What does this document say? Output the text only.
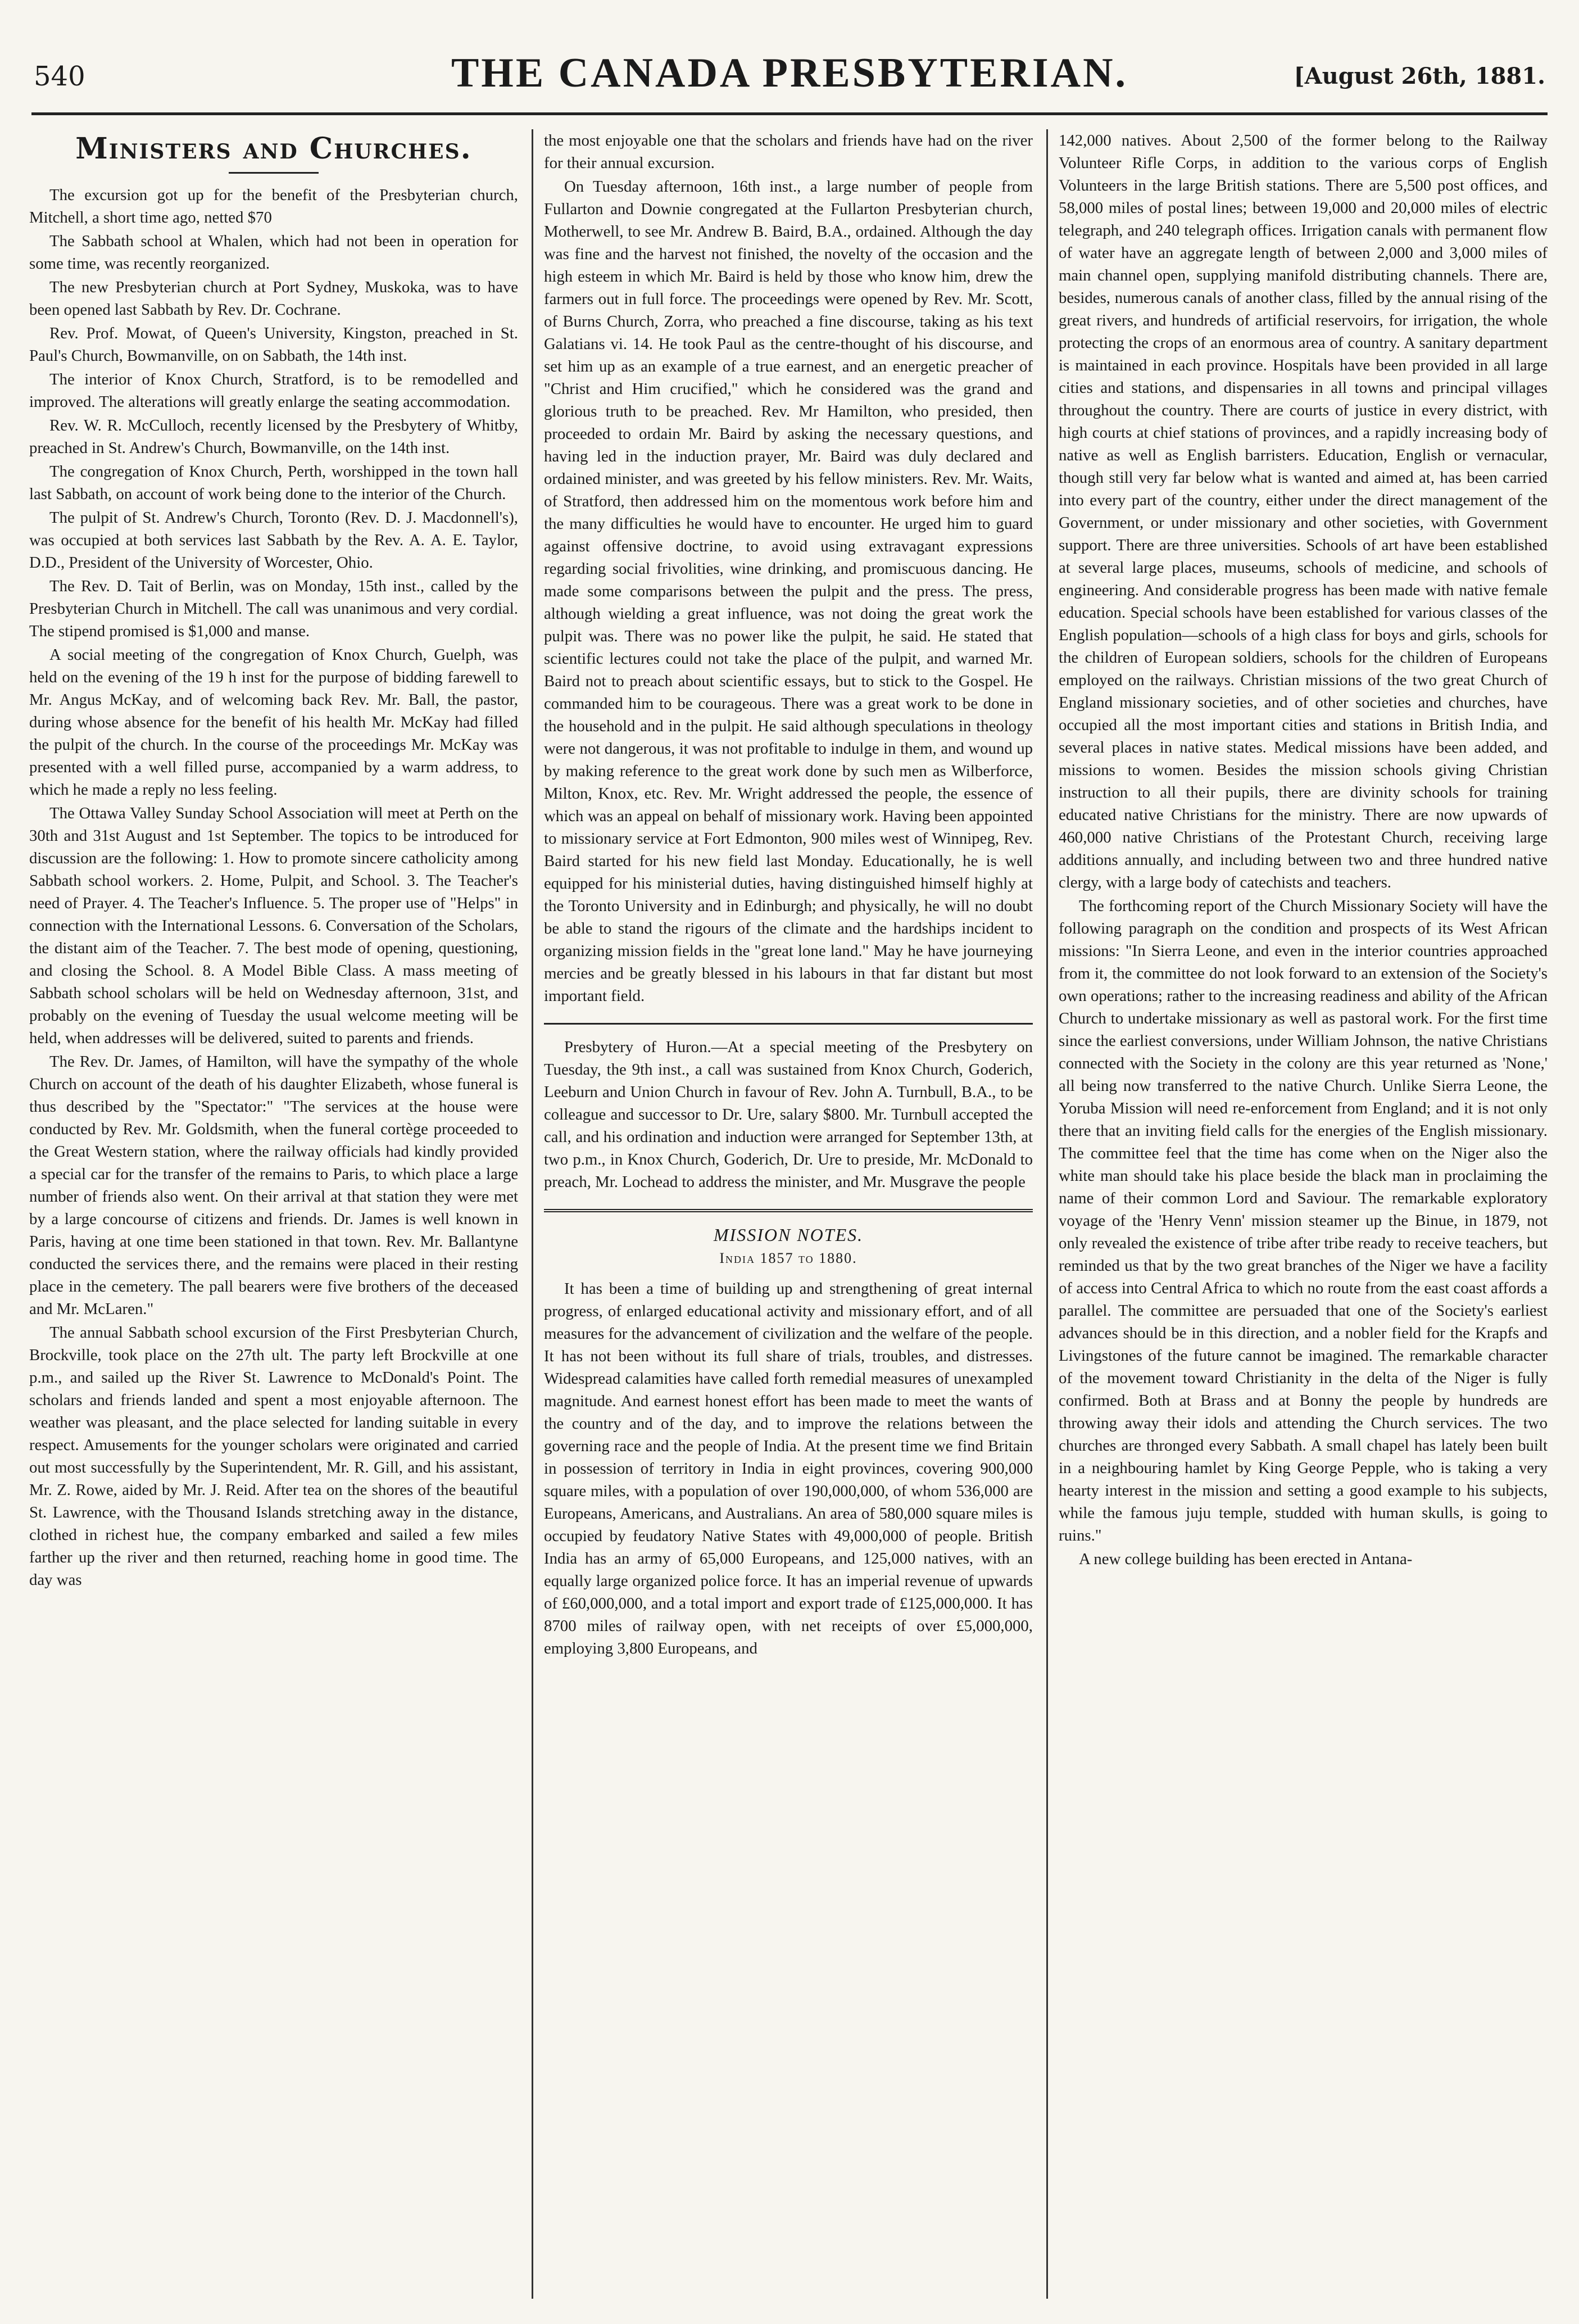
540	THE CANADA PRESBYTERIAN.	[August 26th, 1881.
Ministers and Churches.

The excursion got up for the benefit of the Presbyterian church, Mitchell, a short time ago, netted $70

The Sabbath school at Whalen, which had not been in operation for some time, was recently reorganized.

The new Presbyterian church at Port Sydney, Muskoka, was to have been opened last Sabbath by Rev. Dr. Cochrane.

Rev. Prof. Mowat, of Queen's University, Kingston, preached in St. Paul's Church, Bowmanville, on on Sabbath, the 14th inst.

The interior of Knox Church, Stratford, is to be remodelled and improved. The alterations will greatly enlarge the seating accommodation.

Rev. W. R. McCulloch, recently licensed by the Presbytery of Whitby, preached in St. Andrew's Church, Bowmanville, on the 14th inst.

The congregation of Knox Church, Perth, worshipped in the town hall last Sabbath, on account of work being done to the interior of the Church.

The pulpit of St. Andrew's Church, Toronto (Rev. D. J. Macdonnell's), was occupied at both services last Sabbath by the Rev. A. A. E. Taylor, D.D., President of the University of Worcester, Ohio.

The Rev. D. Tait of Berlin, was on Monday, 15th inst., called by the Presbyterian Church in Mitchell. The call was unanimous and very cordial. The stipend promised is $1,000 and manse.

A social meeting of the congregation of Knox Church, Guelph, was held on the evening of the 19 h inst for the purpose of bidding farewell to Mr. Angus McKay, and of welcoming back Rev. Mr. Ball, the pastor, during whose absence for the benefit of his health Mr. McKay had filled the pulpit of the church. In the course of the proceedings Mr. McKay was presented with a well filled purse, accompanied by a warm address, to which he made a reply no less feeling.

The Ottawa Valley Sunday School Association will meet at Perth on the 30th and 31st August and 1st September. The topics to be introduced for discussion are the following: 1. How to promote sincere catholicity among Sabbath school workers. 2. Home, Pulpit, and School. 3. The Teacher's need of Prayer. 4. The Teacher's Influence. 5. The proper use of "Helps" in connection with the International Lessons. 6. Conversation of the Scholars, the distant aim of the Teacher. 7. The best mode of opening, questioning, and closing the School. 8. A Model Bible Class. A mass meeting of Sabbath school scholars will be held on Wednesday afternoon, 31st, and probably on the evening of Tuesday the usual welcome meeting will be held, when addresses will be delivered, suited to parents and friends.

The Rev. Dr. James, of Hamilton, will have the sympathy of the whole Church on account of the death of his daughter Elizabeth, whose funeral is thus described by the "Spectator:" "The services at the house were conducted by Rev. Mr. Goldsmith, when the funeral cortège proceeded to the Great Western station, where the railway officials had kindly provided a special car for the transfer of the remains to Paris, to which place a large number of friends also went. On their arrival at that station they were met by a large concourse of citizens and friends. Dr. James is well known in Paris, having at one time been stationed in that town. Rev. Mr. Ballantyne conducted the services there, and the remains were placed in their resting place in the cemetery. The pall bearers were five brothers of the deceased and Mr. McLaren."

The annual Sabbath school excursion of the First Presbyterian Church, Brockville, took place on the 27th ult. The party left Brockville at one p.m., and sailed up the River St. Lawrence to McDonald's Point. The scholars and friends landed and spent a most enjoyable afternoon. The weather was pleasant, and the place selected for landing suitable in every respect. Amusements for the younger scholars were originated and carried out most successfully by the Superintendent, Mr. R. Gill, and his assistant, Mr. Z. Rowe, aided by Mr. J. Reid. After tea on the shores of the beautiful St. Lawrence, with the Thousand Islands stretching away in the distance, clothed in richest hue, the company embarked and sailed a few miles farther up the river and then returned, reaching home in good time. The day was

the most enjoyable one that the scholars and friends have had on the river for their annual excursion.

On Tuesday afternoon, 16th inst., a large number of people from Fullarton and Downie congregated at the Fullarton Presbyterian church, Motherwell, to see Mr. Andrew B. Baird, B.A., ordained. Although the day was fine and the harvest not finished, the novelty of the occasion and the high esteem in which Mr. Baird is held by those who know him, drew the farmers out in full force. The proceedings were opened by Rev. Mr. Scott, of Burns Church, Zorra, who preached a fine discourse, taking as his text Galatians vi. 14. He took Paul as the centre-thought of his discourse, and set him up as an example of a true earnest, and an energetic preacher of "Christ and Him crucified," which he considered was the grand and glorious truth to be preached. Rev. Mr Hamilton, who presided, then proceeded to ordain Mr. Baird by asking the necessary questions, and having led in the induction prayer, Mr. Baird was duly declared and ordained minister, and was greeted by his fellow ministers. Rev. Mr. Waits, of Stratford, then addressed him on the momentous work before him and the many difficulties he would have to encounter. He urged him to guard against offensive doctrine, to avoid using extravagant expressions regarding social frivolities, wine drinking, and promiscuous dancing. He made some comparisons between the pulpit and the press. The press, although wielding a great influence, was not doing the great work the pulpit was. There was no power like the pulpit, he said. He stated that scientific lectures could not take the place of the pulpit, and warned Mr. Baird not to preach about scientific essays, but to stick to the Gospel. He commanded him to be courageous. There was a great work to be done in the household and in the pulpit. He said although speculations in theology were not dangerous, it was not profitable to indulge in them, and wound up by making reference to the great work done by such men as Wilberforce, Milton, Knox, etc. Rev. Mr. Wright addressed the people, the essence of which was an appeal on behalf of missionary work. Having been appointed to missionary service at Fort Edmonton, 900 miles west of Winnipeg, Rev. Baird started for his new field last Monday. Educationally, he is well equipped for his ministerial duties, having distinguished himself highly at the Toronto University and in Edinburgh; and physically, he will no doubt be able to stand the rigours of the climate and the hardships incident to organizing mission fields in the "great lone land." May he have journeying mercies and be greatly blessed in his labours in that far distant but most important field.

Presbytery of Huron.—At a special meeting of the Presbytery on Tuesday, the 9th inst., a call was sustained from Knox Church, Goderich, Leeburn and Union Church in favour of Rev. John A. Turnbull, B.A., to be colleague and successor to Dr. Ure, salary $800. Mr. Turnbull accepted the call, and his ordination and induction were arranged for September 13th, at two p.m., in Knox Church, Goderich, Dr. Ure to preside, Mr. McDonald to preach, Mr. Lochead to address the minister, and Mr. Musgrave the people

MISSION NOTES.
India 1857 to 1880.

It has been a time of building up and strengthening of great internal progress, of enlarged educational activity and missionary effort, and of all measures for the advancement of civilization and the welfare of the people. It has not been without its full share of trials, troubles, and distresses. Widespread calamities have called forth remedial measures of unexampled magnitude. And earnest honest effort has been made to meet the wants of the country and of the day, and to improve the relations between the governing race and the people of India. At the present time we find Britain in possession of territory in India in eight provinces, covering 900,000 square miles, with a population of over 190,000,000, of whom 536,000 are Europeans, Americans, and Australians. An area of 580,000 square miles is occupied by feudatory Native States with 49,000,000 of people. British India has an army of 65,000 Europeans, and 125,000 natives, with an equally large organized police force. It has an imperial revenue of upwards of £60,000,000, and a total import and export trade of £125,000,000. It has 8700 miles of railway open, with net receipts of over £5,000,000, employing 3,800 Europeans, and

142,000 natives. About 2,500 of the former belong to the Railway Volunteer Rifle Corps, in addition to the various corps of English Volunteers in the large British stations. There are 5,500 post offices, and 58,000 miles of postal lines; between 19,000 and 20,000 miles of electric telegraph, and 240 telegraph offices. Irrigation canals with permanent flow of water have an aggregate length of between 2,000 and 3,000 miles of main channel open, supplying manifold distributing channels. There are, besides, numerous canals of another class, filled by the annual rising of the great rivers, and hundreds of artificial reservoirs, for irrigation, the whole protecting the crops of an enormous area of country. A sanitary department is maintained in each province. Hospitals have been provided in all large cities and stations, and dispensaries in all towns and principal villages throughout the country. There are courts of justice in every district, with high courts at chief stations of provinces, and a rapidly increasing body of native as well as English barristers. Education, English or vernacular, though still very far below what is wanted and aimed at, has been carried into every part of the country, either under the direct management of the Government, or under missionary and other societies, with Government support. There are three universities. Schools of art have been established at several large places, museums, schools of medicine, and schools of engineering. And considerable progress has been made with native female education. Special schools have been established for various classes of the English population—schools of a high class for boys and girls, schools for the children of European soldiers, schools for the children of Europeans employed on the railways. Christian missions of the two great Church of England missionary societies, and of other societies and churches, have occupied all the most important cities and stations in British India, and several places in native states. Medical missions have been added, and missions to women. Besides the mission schools giving Christian instruction to all their pupils, there are divinity schools for training educated native Christians for the ministry. There are now upwards of 460,000 native Christians of the Protestant Church, receiving large additions annually, and including between two and three hundred native clergy, with a large body of catechists and teachers.

The forthcoming report of the Church Missionary Society will have the following paragraph on the condition and prospects of its West African missions: "In Sierra Leone, and even in the interior countries approached from it, the committee do not look forward to an extension of the Society's own operations; rather to the increasing readiness and ability of the African Church to undertake missionary as well as pastoral work. For the first time since the earliest conversions, under William Johnson, the native Christians connected with the Society in the colony are this year returned as 'None,' all being now transferred to the native Church. Unlike Sierra Leone, the Yoruba Mission will need re-enforcement from England; and it is not only there that an inviting field calls for the energies of the English missionary. The committee feel that the time has come when on the Niger also the white man should take his place beside the black man in proclaiming the name of their common Lord and Saviour. The remarkable exploratory voyage of the 'Henry Venn' mission steamer up the Binue, in 1879, not only revealed the existence of tribe after tribe ready to receive teachers, but reminded us that by the two great branches of the Niger we have a facility of access into Central Africa to which no route from the east coast affords a parallel. The committee are persuaded that one of the Society's earliest advances should be in this direction, and a nobler field for the Krapfs and Livingstones of the future cannot be imagined. The remarkable character of the movement toward Christianity in the delta of the Niger is fully confirmed. Both at Brass and at Bonny the people by hundreds are throwing away their idols and attending the Church services. The two churches are thronged every Sabbath. A small chapel has lately been built in a neighbouring hamlet by King George Pepple, who is taking a very hearty interest in the mission and setting a good example to his subjects, while the famous juju temple, studded with human skulls, is going to ruins."

A new college building has been erected in Antana-
